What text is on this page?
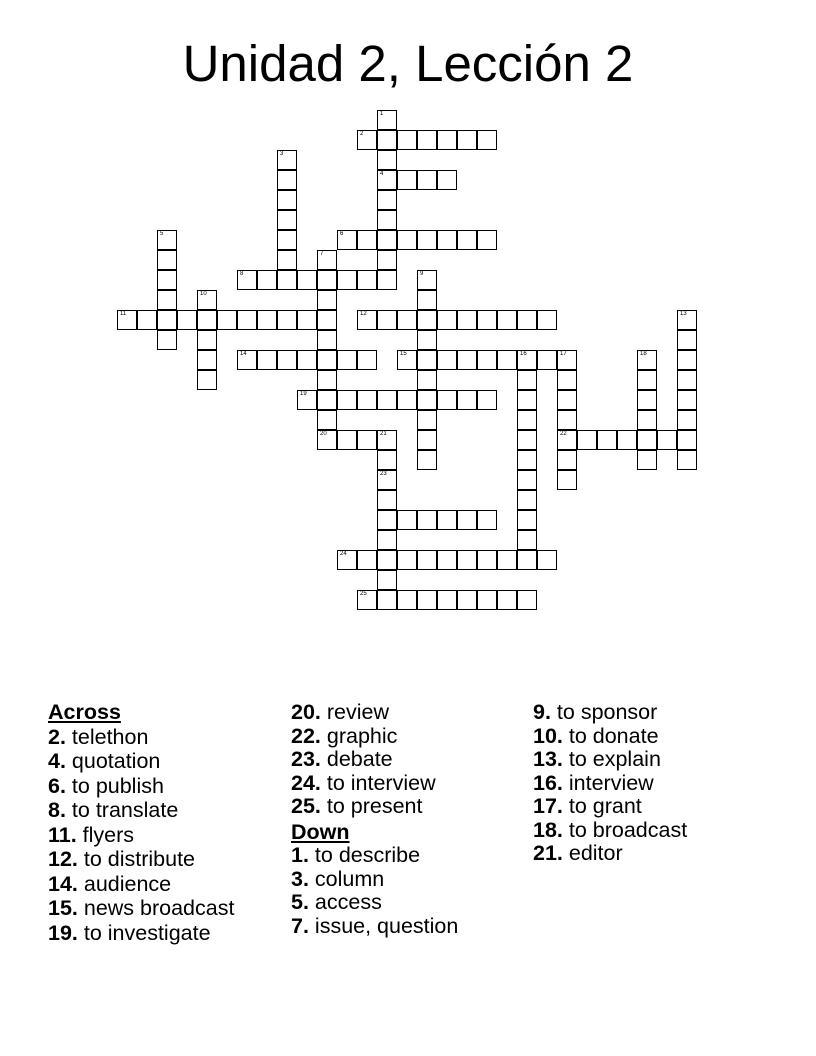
Unidad 2, Lección 2
1
2
3
4
5	6
7
8	9
10
11	12	13
14	15	16	17	18
19
20	21	22
23
24
25
Across
2. telethon
4. quotation
6. to publish
8. to translate
11. flyers
12. to distribute
14. audience
15. news broadcast
19. to investigate
20. review
22. graphic
23. debate
24. to interview
25. to present
Down
1. to describe
3. column
5. access
7. issue, question
9. to sponsor
10. to donate
13. to explain
16. interview
17. to grant
18. to broadcast
21. editor
